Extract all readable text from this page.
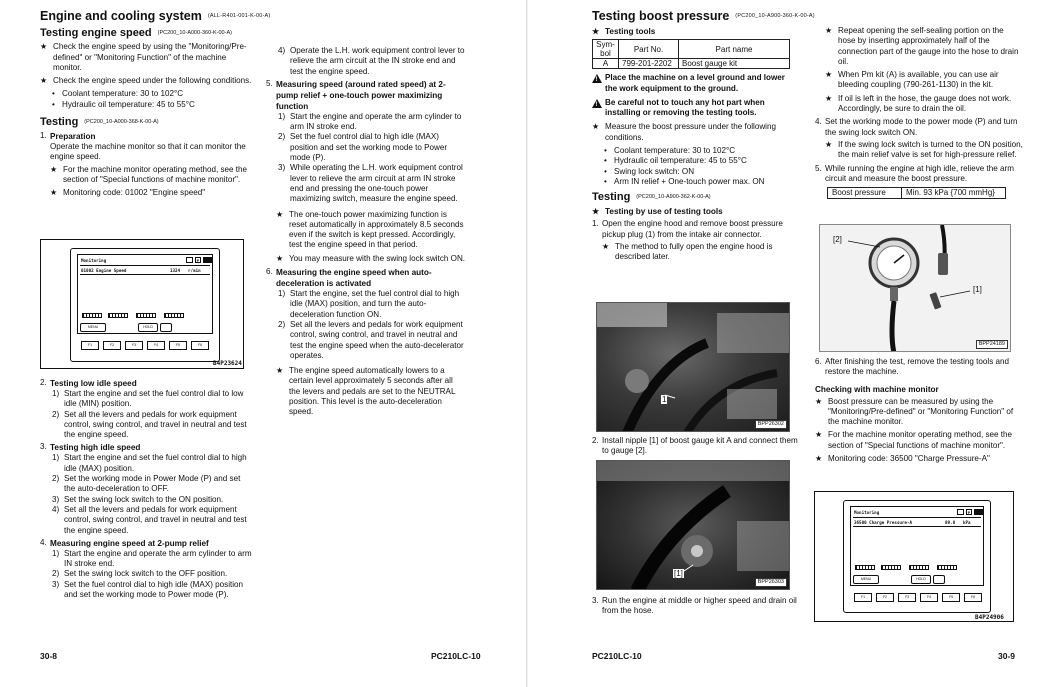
Engine and cooling system (ALL-R401-001-K-00-A)
Testing engine speed (PC200_10-A000-360-K-00-A)
★ Check the engine speed by using the "Monitoring/Pre-defined" or "Monitoring Function" of the machine monitor.
★ Check the engine speed under the following conditions.
• Coolant temperature: 30 to 102°C
• Hydraulic oil temperature: 45 to 55°C
Testing (PC200_10-A000-368-K-00-A)
1. Preparation
Operate the machine monitor so that it can monitor the engine speed.
★ For the machine monitor operating method, see the section of "Special functions of machine monitor".
★ Monitoring code: 01002 "Engine speed"
Monitoring	P
01002 Engine Speed	1324 r/min
MENU	HOLD
F1	F2	F3	F4	F5	F6
B4P23624
2. Testing low idle speed
1) Start the engine and set the fuel control dial to low idle (MIN) position.
2) Set all the levers and pedals for work equipment control, swing control, and travel in neutral and test the engine speed.
3. Testing high idle speed
1) Start the engine and set the fuel control dial to high idle (MAX) position.
2) Set the working mode in Power Mode (P) and set the auto-deceleration to OFF.
3) Set the swing lock switch to the ON position.
4) Set all the levers and pedals for work equipment control, swing control, and travel in neutral and test the engine speed.
4. Measuring engine speed at 2-pump relief
1) Start the engine and operate the arm cylinder to arm IN stroke end.
2) Set the swing lock switch to the OFF position.
3) Set the fuel control dial to high idle (MAX) position and set the working mode to Power mode (P).
4) Operate the L.H. work equipment control lever to relieve the arm circuit at the IN stroke end and test the engine speed.
5. Measuring speed (around rated speed) at 2-pump relief + one-touch power maximizing function
1) Start the engine and operate the arm cylinder to arm IN stroke end.
2) Set the fuel control dial to high idle (MAX) position and set the working mode to Power mode (P).
3) While operating the L.H. work equipment control lever to relieve the arm circuit at arm IN stroke end and pressing the one-touch power maximizing switch, measure the engine speed.
★ The one-touch power maximizing function is reset automatically in approximately 8.5 seconds even if the switch is kept pressed. Accordingly, test the engine speed in that period.
★ You may measure with the swing lock switch ON.
6. Measuring the engine speed when auto-deceleration is activated
1) Start the engine, set the fuel control dial to high idle (MAX) position, and turn the auto-deceleration function ON.
2) Set all the levers and pedals for work equipment control, swing control, and travel in neutral and test the engine speed when the auto-decelerator operates.
★ The engine speed automatically lowers to a certain level approximately 5 seconds after all the levers and pedals are set to the NEUTRAL position. This level is the auto-deceleration speed.
30-8	PC210LC-10
Testing boost pressure (PC200_10-A900-360-K-00-A)
★ Testing tools
Sym-bol	Part No.	Part name
A	799-201-2202	Boost gauge kit
!
Place the machine on a level ground and lower the work equipment to the ground.
!
Be careful not to touch any hot part when installing or removing the testing tools.
★ Measure the boost pressure under the following conditions.
• Coolant temperature: 30 to 102°C
• Hydraulic oil temperature: 45 to 55°C
• Swing lock switch: ON
• Arm IN relief + One-touch power max. ON
Testing (PC200_10-A900-362-K-00-A)
★ Testing by use of testing tools
1. Open the engine hood and remove boost pressure pickup plug (1) from the intake air connector.
★ The method to fully open the engine hood is described later.
1
BPP26302
2. Install nipple [1] of boost gauge kit A and connect them to gauge [2].
[1]
BPP26303
3. Run the engine at middle or higher speed and drain oil from the hose.
★ Repeat opening the self-sealing portion on the hose by inserting approximately half of the connection part of the gauge into the hose to drain oil.
★ When Pm kit (A) is available, you can use air bleeding coupling (790-261-1130) in the kit.
★ If oil is left in the hose, the gauge does not work. Accordingly, be sure to drain the oil.
4. Set the working mode to the power mode (P) and turn the swing lock switch ON.
★ If the swing lock switch is turned to the ON position, the main relief valve is set for high-pressure relief.
5. While running the engine at high idle, relieve the arm circuit and measure the boost pressure.
Boost pressure	Min. 93 kPa {700 mmHg}
[2]
[1]
BPP24189
6. After finishing the test, remove the testing tools and restore the machine.
Checking with machine monitor
★ Boost pressure can be measured by using the "Monitoring/Pre-defined" or "Monitoring Function" of the machine monitor.
★ For the machine monitor operating method, see the section of "Special functions of machine monitor".
★ Monitoring code: 36500 "Charge Pressure-A"
Monitoring	P
36500 Charge Pressure-A	89.0 kPa
MENU	HOLD
F1	F2	F3	F4	F5	F6
B4P24906
PC210LC-10	30-9
